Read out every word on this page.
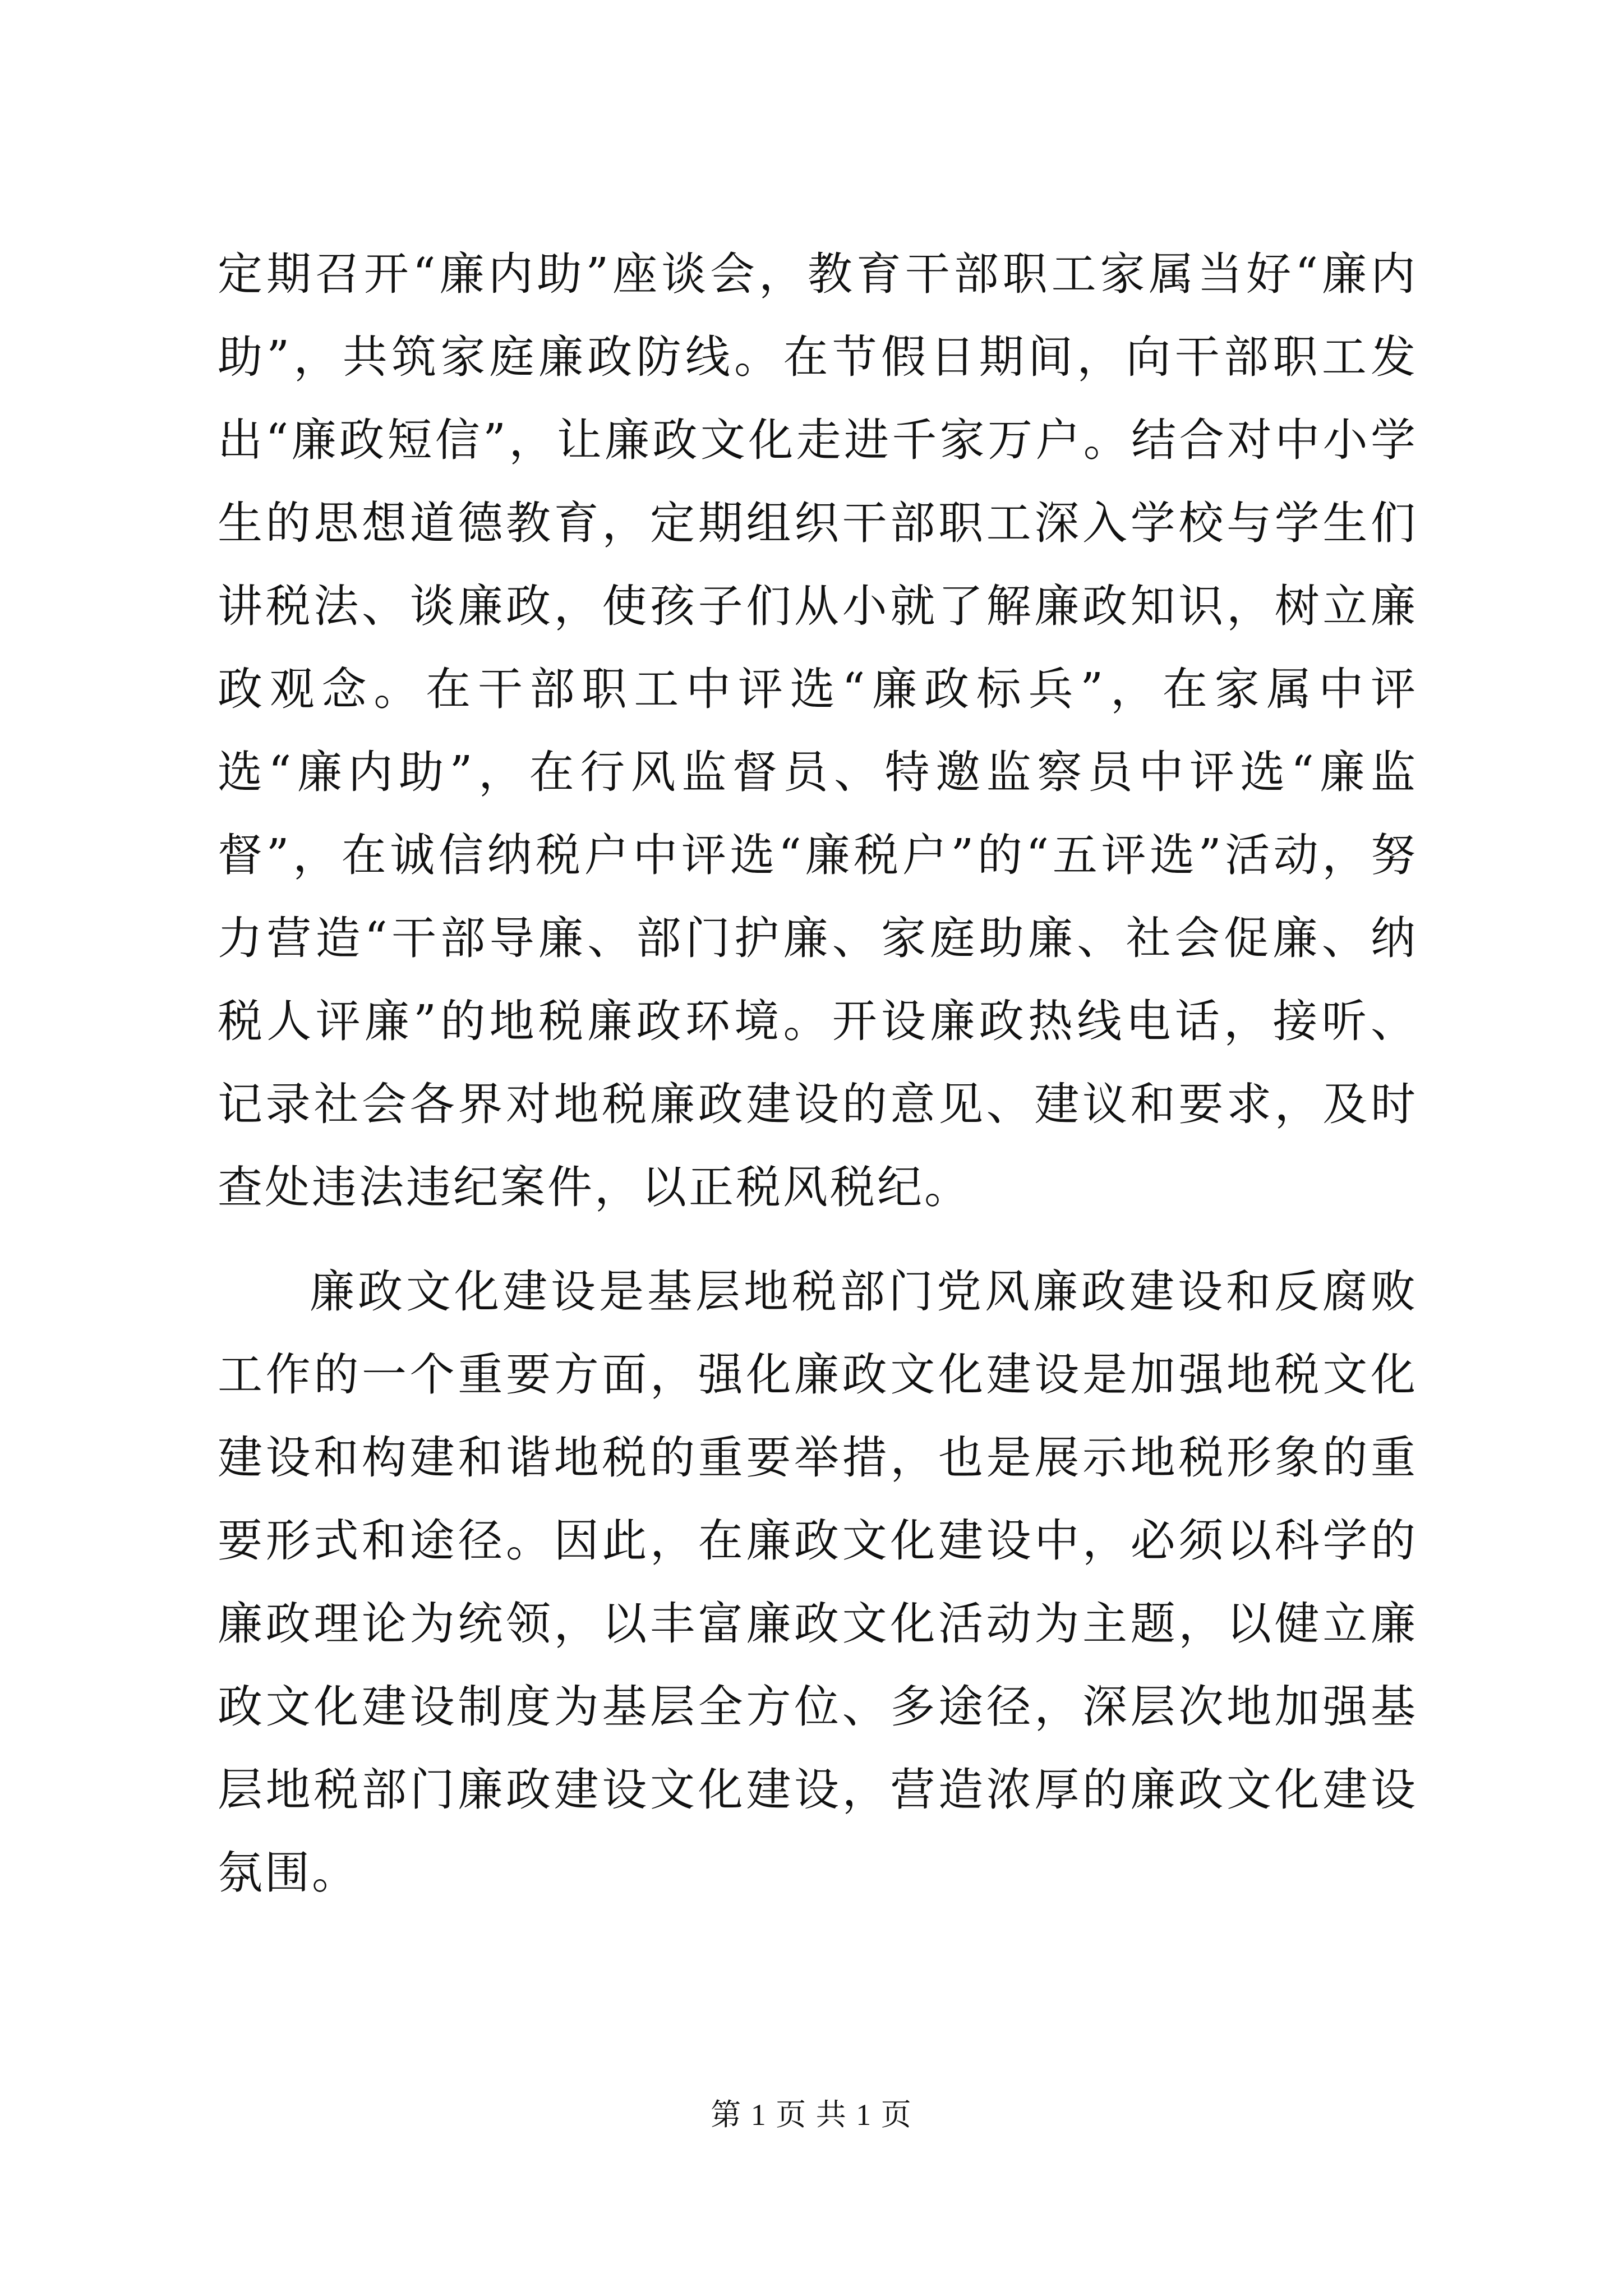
定期召开“廉内助”座谈会，教育干部职工家属当好“廉内助”，共筑家庭廉政防线。在节假日期间，向干部职工发出“廉政短信”，让廉政文化走进千家万户。结合对中小学生的思想道德教育，定期组织干部职工深入学校与学生们讲税法、谈廉政，使孩子们从小就了解廉政知识，树立廉政观念。在干部职工中评选“廉政标兵”，在家属中评选“廉内助”，在行风监督员、特邀监察员中评选“廉监督”，在诚信纳税户中评选“廉税户”的“五评选”活动，努力营造“干部导廉、部门护廉、家庭助廉、社会促廉、纳税人评廉”的地税廉政环境。开设廉政热线电话，接听、记录社会各界对地税廉政建设的意见、建议和要求，及时查处违法违纪案件，以正税风税纪。

廉政文化建设是基层地税部门党风廉政建设和反腐败工作的一个重要方面，强化廉政文化建设是加强地税文化建设和构建和谐地税的重要举措，也是展示地税形象的重要形式和途径。因此，在廉政文化建设中，必须以科学的廉政理论为统领，以丰富廉政文化活动为主题，以健立廉政文化建设制度为基层全方位、多途径，深层次地加强基层地税部门廉政建设文化建设，营造浓厚的廉政文化建设氛围。

第 1 页 共 1 页
